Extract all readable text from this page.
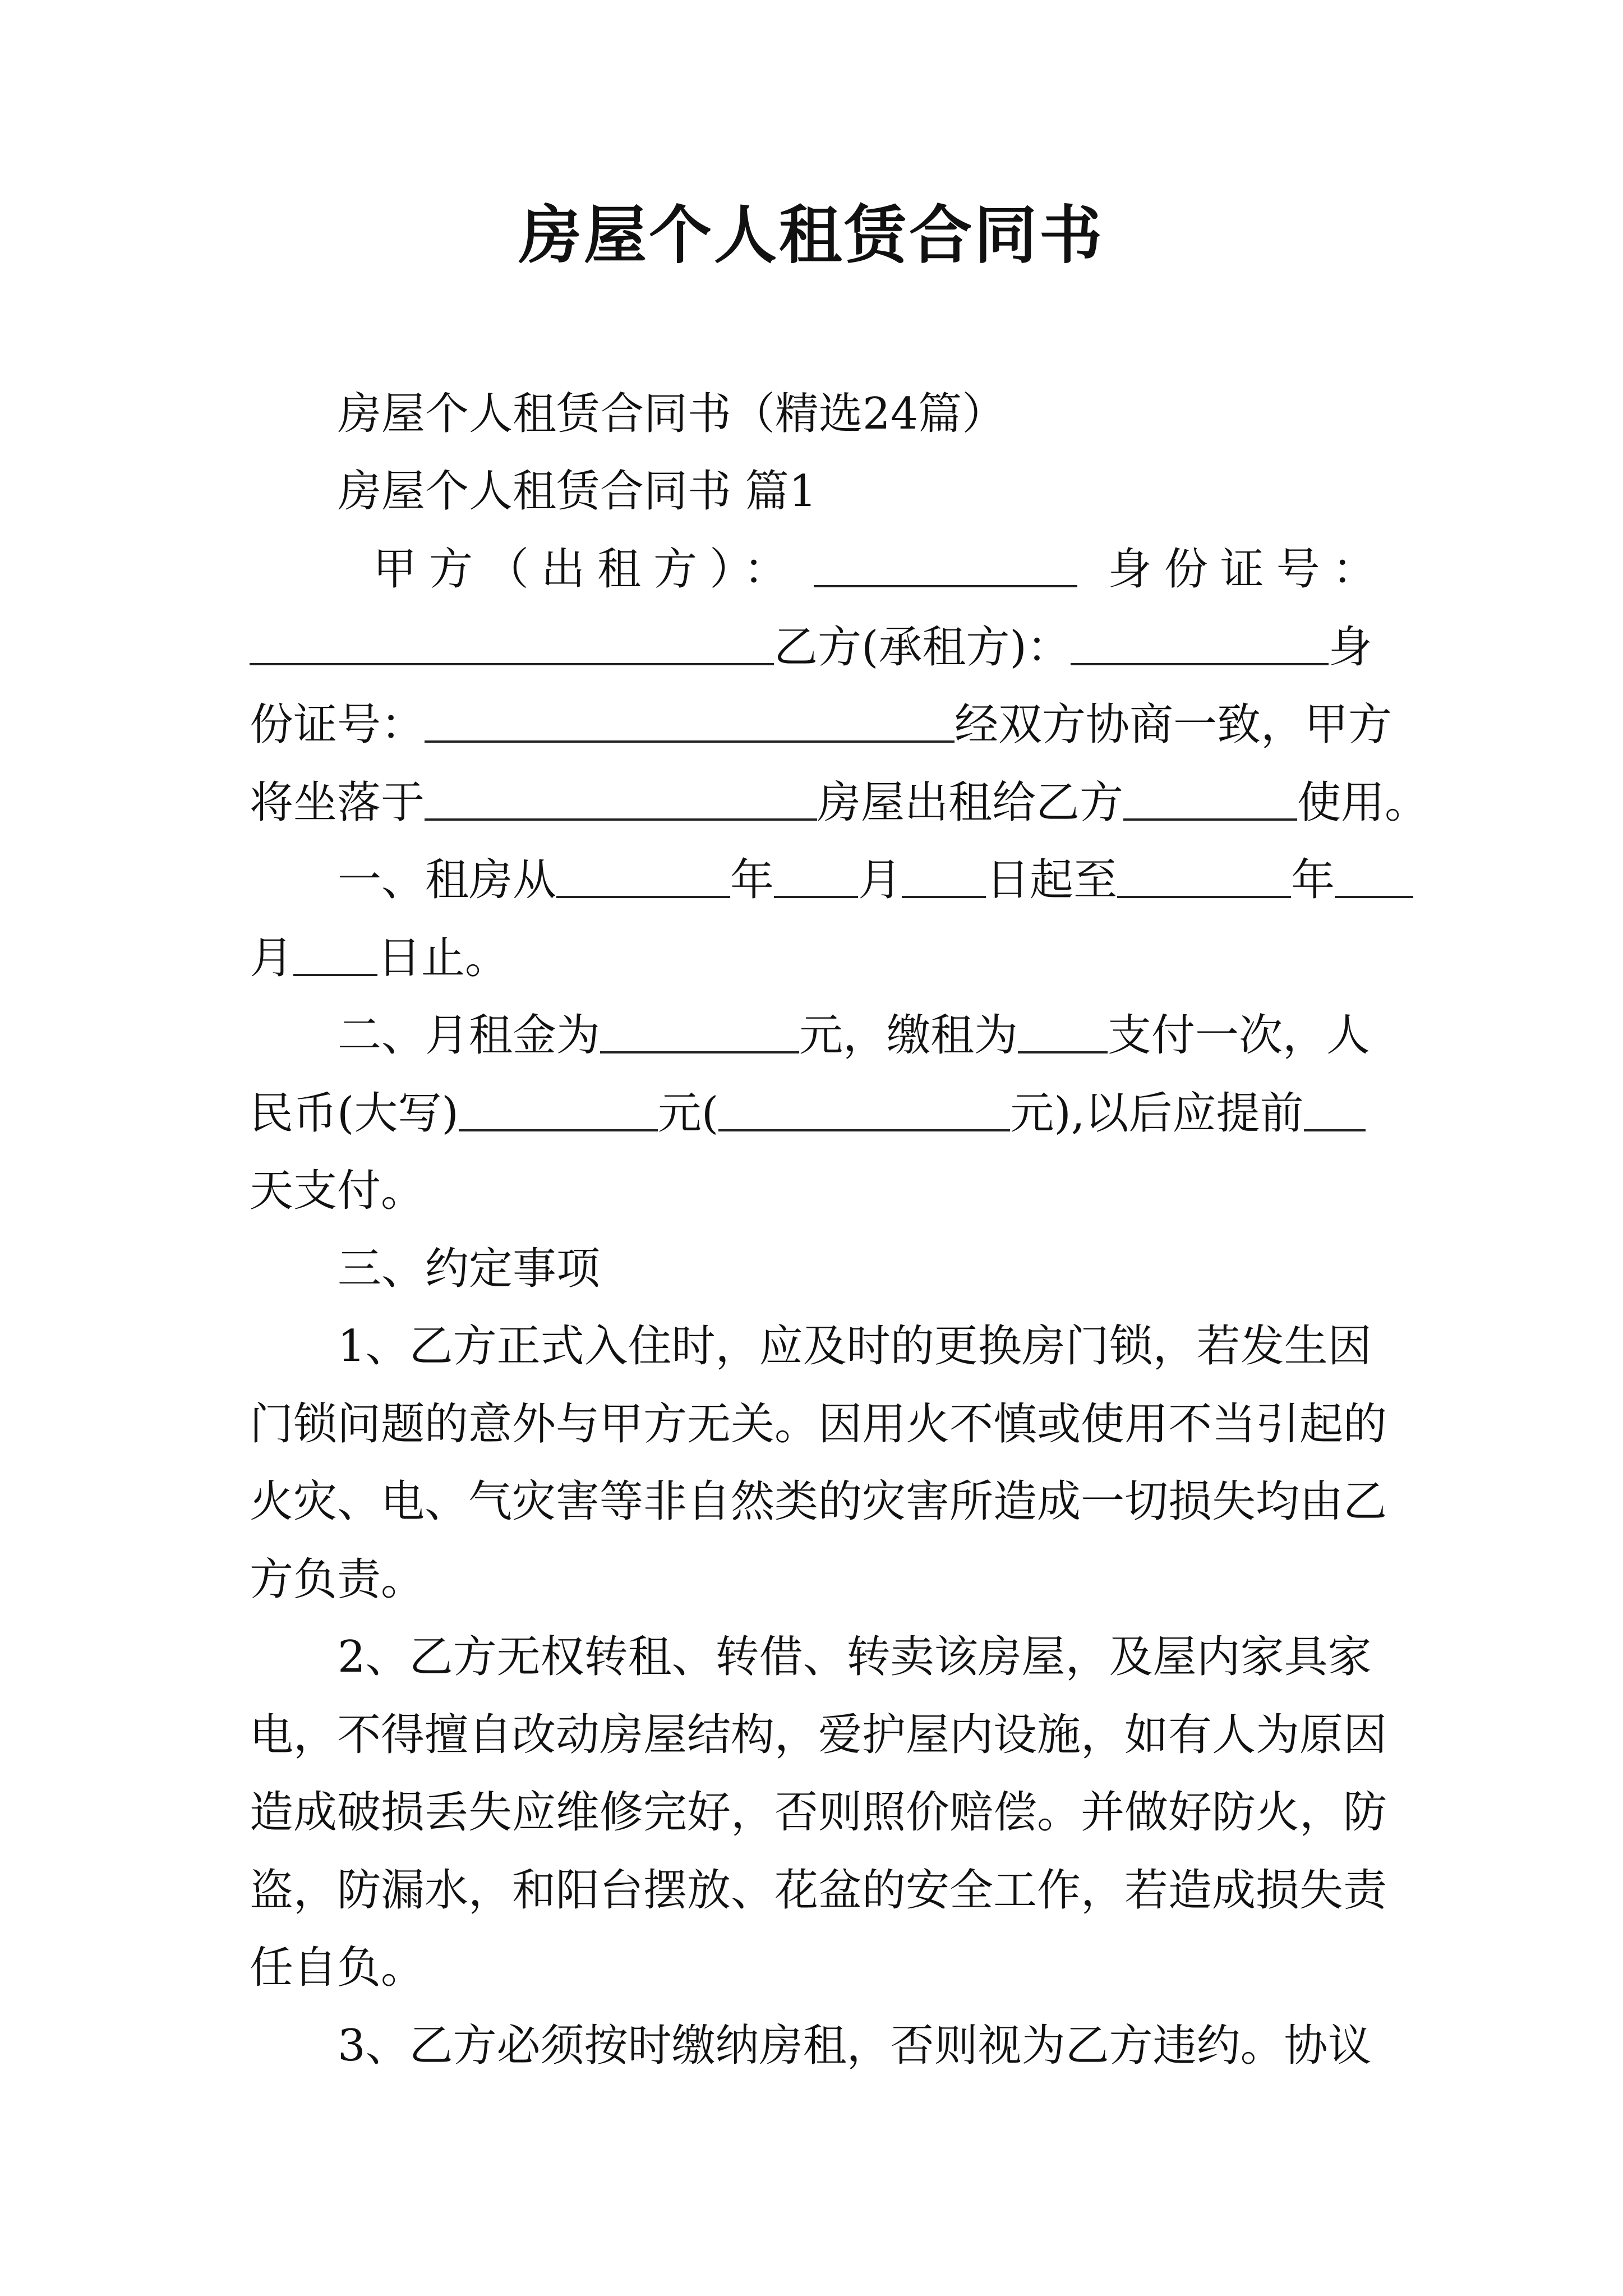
房屋个人租赁合同书
房屋个人租赁合同书（精选24篇）
房屋个人租赁合同书 篇1
甲方（出租方）：	身份证号：
乙方(承租方)：	身
份证号：	经双方协商一致，甲方
将坐落于	房屋出租给乙方	使用。
一、租房从	年 月 日起至	年
月 日止。
二、月租金为	元，缴租为 支付一次，人
民币(大写)	元(	元),以后应提前
天支付。
三、约定事项
1、乙方正式入住时，应及时的更换房门锁，若发生因
门锁问题的意外与甲方无关。因用火不慎或使用不当引起的
火灾、电、气灾害等非自然类的灾害所造成一切损失均由乙
方负责。
2、乙方无权转租、转借、转卖该房屋，及屋内家具家
电，不得擅自改动房屋结构，爱护屋内设施，如有人为原因
造成破损丢失应维修完好，否则照价赔偿。并做好防火，防
盗，防漏水，和阳台摆放、花盆的安全工作，若造成损失责
任自负。
3、乙方必须按时缴纳房租，否则视为乙方违约。协议
